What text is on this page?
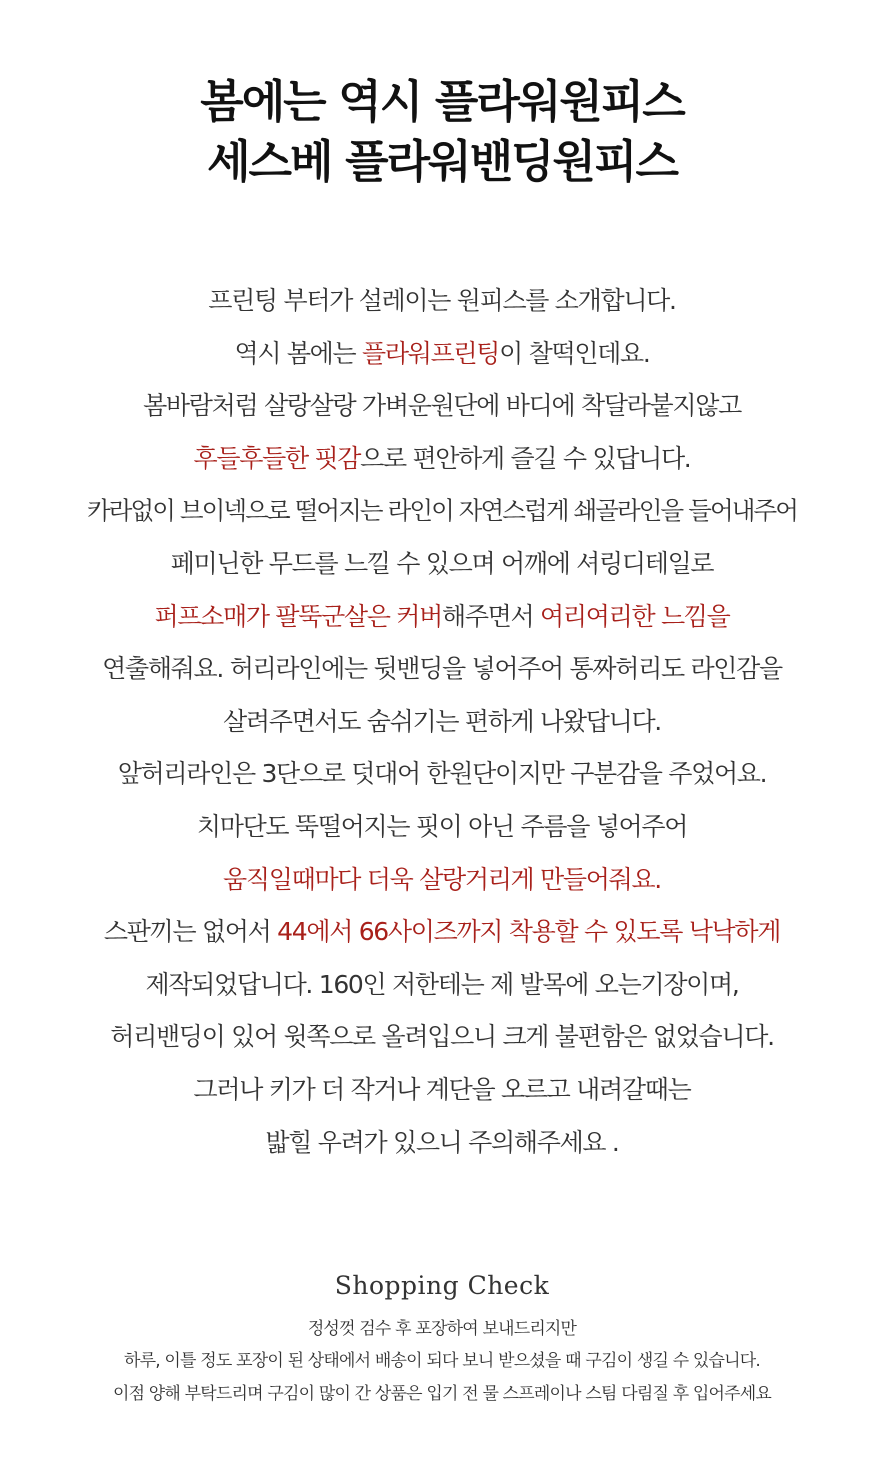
봄에는 역시 플라워원피스
세스베 플라워밴딩원피스
프린팅 부터가 설레이는 원피스를 소개합니다.
역시 봄에는 플라워프린팅이 찰떡인데요.
봄바람처럼 살랑살랑 가벼운원단에 바디에 착달라붙지않고
후들후들한 핏감으로 편안하게 즐길 수 있답니다.
카라없이 브이넥으로 떨어지는 라인이 자연스럽게 쇄골라인을 들어내주어
페미닌한 무드를 느낄 수 있으며 어깨에 셔링디테일로
퍼프소매가 팔뚝군살은 커버해주면서 여리여리한 느낌을
연출해줘요. 허리라인에는 뒷밴딩을 넣어주어 통짜허리도 라인감을
살려주면서도 숨쉬기는 편하게 나왔답니다.
앞허리라인은 3단으로 덧대어 한원단이지만 구분감을 주었어요.
치마단도 뚝떨어지는 핏이 아닌 주름을 넣어주어
움직일때마다 더욱 살랑거리게 만들어줘요.
스판끼는 없어서 44에서 66사이즈까지 착용할 수 있도록 낙낙하게
제작되었답니다. 160인 저한테는 제 발목에 오는기장이며,
허리밴딩이 있어 윗쪽으로 올려입으니 크게 불편함은 없었습니다.
그러나 키가 더 작거나 계단을 오르고 내려갈때는
밟힐 우려가 있으니 주의해주세요 .
Shopping Check
정성껏 검수 후 포장하여 보내드리지만
하루, 이틀 정도 포장이 된 상태에서 배송이 되다 보니 받으셨을 때 구김이 생길 수 있습니다.
이점 양해 부탁드리며 구김이 많이 간 상품은 입기 전 물 스프레이나 스팀 다림질 후 입어주세요
